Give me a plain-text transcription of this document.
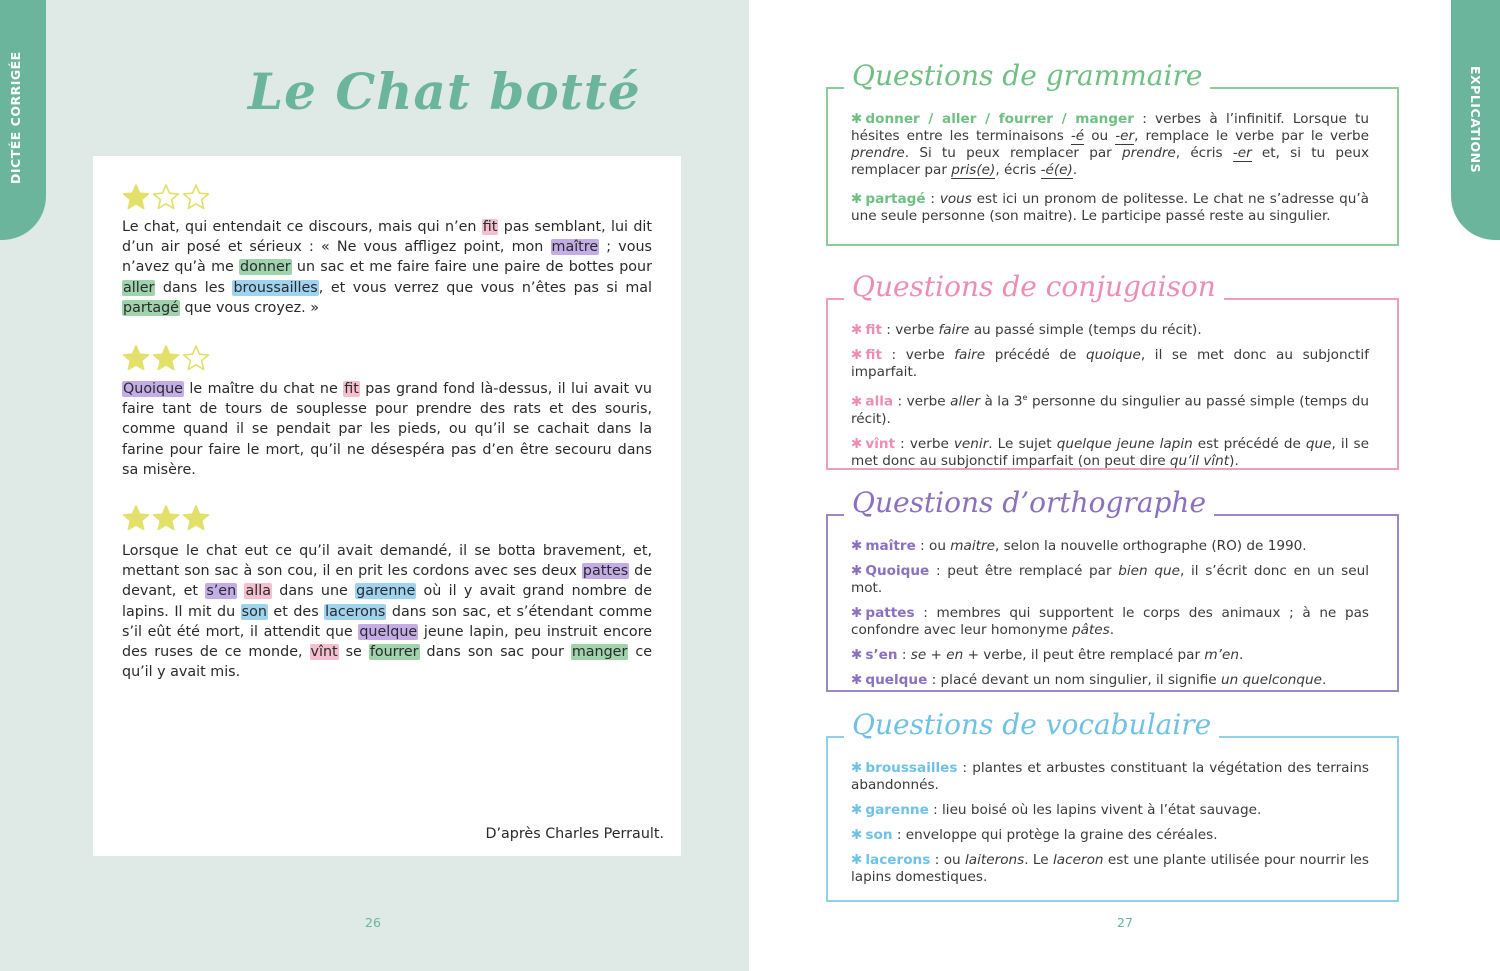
DICTÉE CORRIGÉE	Le Chat botté

Le chat, qui entendait ce discours, mais qui n’en fit pas semblant, lui dit d’un air posé et sérieux : « Ne vous affligez point, mon maître ; vous n’avez qu’à me donner un sac et me faire faire une paire de bottes pour aller dans les broussailles, et vous verrez que vous n’êtes pas si mal partagé que vous croyez. »

Quoique le maître du chat ne fit pas grand fond là-dessus, il lui avait vu faire tant de tours de souplesse pour prendre des rats et des souris, comme quand il se pendait par les pieds, ou qu’il se cachait dans la farine pour faire le mort, qu’il ne désespéra pas d’en être secouru dans sa misère.

Lorsque le chat eut ce qu’il avait demandé, il se botta bravement, et, mettant son sac à son cou, il en prit les cordons avec ses deux pattes de devant, et s’en alla dans une garenne où il y avait grand nombre de lapins. Il mit du son et des lacerons dans son sac, et s’étendant comme s’il eût été mort, il attendit que quelque jeune lapin, peu instruit encore des ruses de ce monde, vînt se fourrer dans son sac pour manger ce qu’il y avait mis.

D’après Charles Perrault.
26
EXPLICATIONS
Questions de grammaire

✱ donner / aller / fourrer / manger : verbes à l’infinitif. Lorsque tu hésites entre les terminaisons -é ou -er, remplace le verbe par le verbe prendre. Si tu peux remplacer par prendre, écris -er et, si tu peux remplacer par pris(e), écris -é(e).

✱ partagé : vous est ici un pronom de politesse. Le chat ne s’adresse qu’à une seule personne (son maitre). Le participe passé reste au singulier.

Questions de conjugaison

✱ fit : verbe faire au passé simple (temps du récit).

✱ fit : verbe faire précédé de quoique, il se met donc au subjonctif imparfait.

✱ alla : verbe aller à la 3e personne du singulier au passé simple (temps du récit).

✱ vînt : verbe venir. Le sujet quelque jeune lapin est précédé de que, il se met donc au subjonctif imparfait (on peut dire qu’il vînt).

Questions d’orthographe

✱ maître : ou maitre, selon la nouvelle orthographe (RO) de 1990.

✱ Quoique : peut être remplacé par bien que, il s’écrit donc en un seul mot.

✱ pattes : membres qui supportent le corps des animaux ; à ne pas confondre avec leur homonyme pâtes.

✱ s’en : se + en + verbe, il peut être remplacé par m’en.

✱ quelque : placé devant un nom singulier, il signifie un quelconque.

Questions de vocabulaire

✱ broussailles : plantes et arbustes constituant la végétation des terrains abandonnés.

✱ garenne : lieu boisé où les lapins vivent à l’état sauvage.

✱ son : enveloppe qui protège la graine des céréales.

✱ lacerons : ou laiterons. Le laceron est une plante utilisée pour nourrir les lapins domestiques.

27
